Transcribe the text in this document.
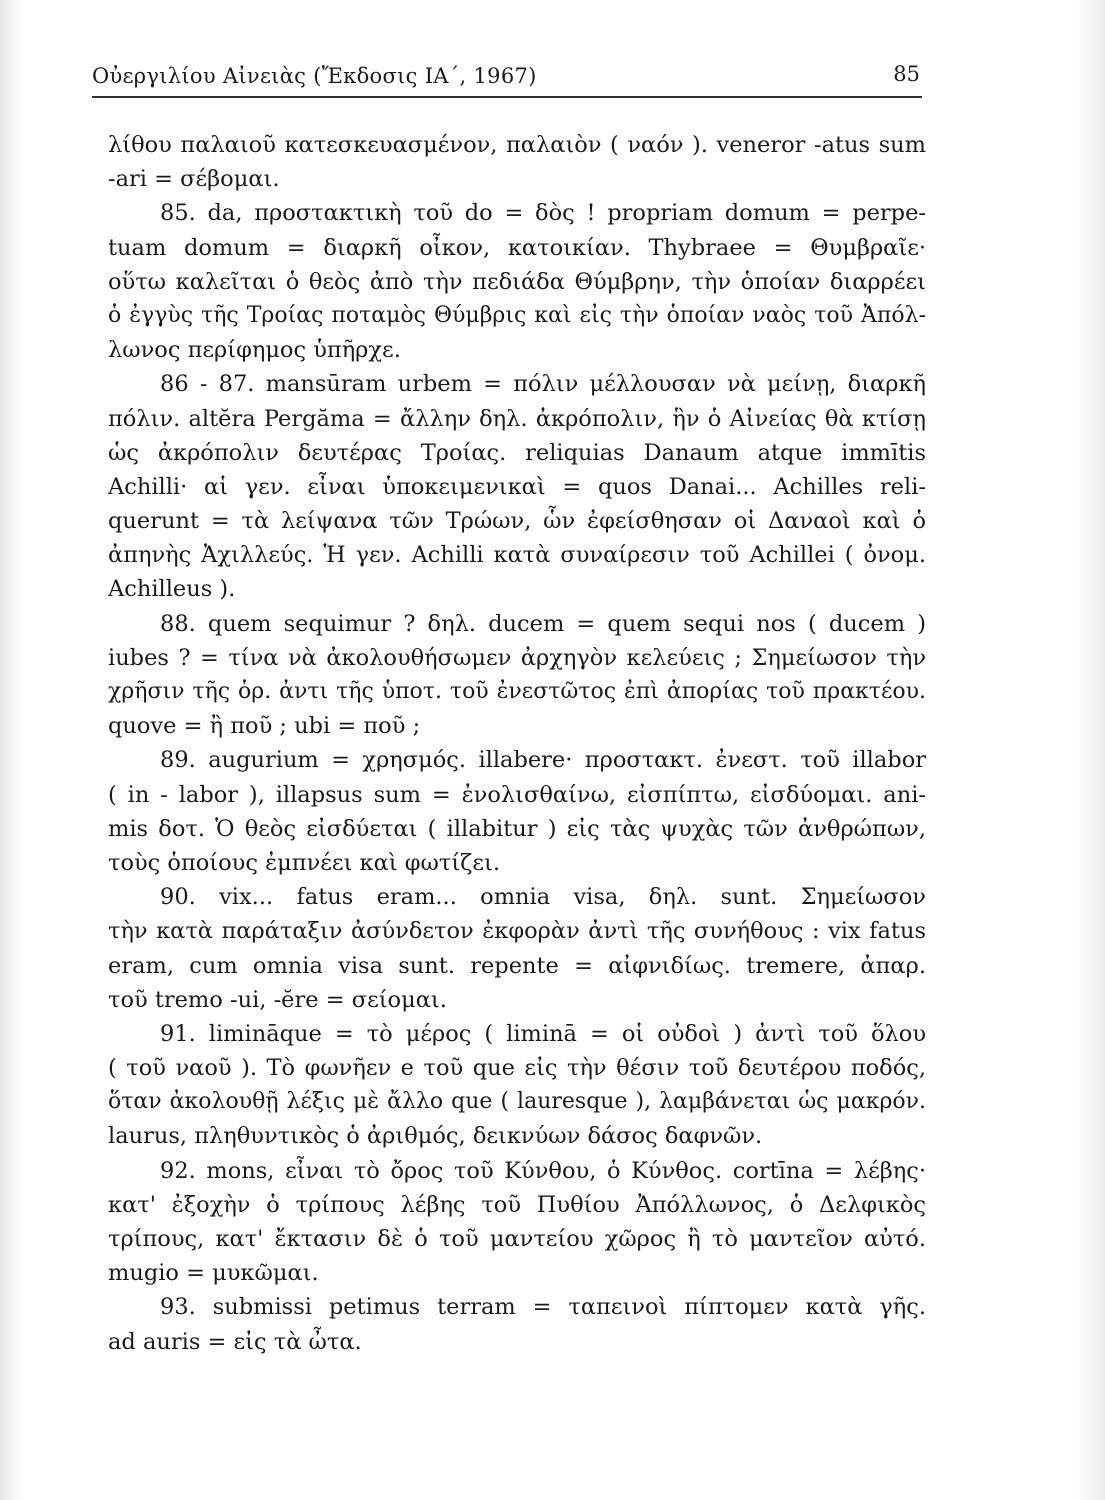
Οὐεργιλίου Αἰνειὰς (Ἔκδοσις ΙΑ΄, 1967)	85
λίθου παλαιοῦ κατεσκευασμένον, παλαιὸν ( ναόν ). veneror -atus sum
-ari = σέβομαι.
85. da, προστακτικὴ τοῦ do = δὸς ! propriam domum = perpe-
tuam domum = διαρκῆ οἶκον, κατοικίαν. Thybraee = Θυμβραῖε·
οὕτω καλεῖται ὁ θεὸς ἀπὸ τὴν πεδιάδα Θύμβρην, τὴν ὁποίαν διαρρέει
ὁ ἐγγὺς τῆς Τροίας ποταμὸς Θύμβρις καὶ εἰς τὴν ὁποίαν ναὸς τοῦ Ἀπόλ-
λωνος περίφημος ὑπῆρχε.
86 - 87. mansūram urbem = πόλιν μέλλουσαν νὰ μείνῃ, διαρκῆ
πόλιν. altĕra Pergăma = ἄλλην δηλ. ἀκρόπολιν, ἣν ὁ Αἰνείας θὰ κτίσῃ
ὡς ἀκρόπολιν δευτέρας Τροίας. reliquias Danaum atque immītis
Achilli· αἱ γεν. εἶναι ὑποκειμενικαὶ = quos Danai... Achilles reli-
querunt = τὰ λείψανα τῶν Τρώων, ὧν ἐφείσθησαν οἱ Δαναοὶ καὶ ὁ
ἀπηνὴς Ἀχιλλεύς. Ἡ γεν. Achilli κατὰ συναίρεσιν τοῦ Achillei ( ὀνομ.
Achilleus ).
88. quem sequimur ? δηλ. ducem = quem sequi nos ( ducem )
iubes ? = τίνα νὰ ἀκολουθήσωμεν ἀρχηγὸν κελεύεις ; Σημείωσον τὴν
χρῆσιν τῆς ὁρ. ἀντι τῆς ὑποτ. τοῦ ἐνεστῶτος ἐπὶ ἀπορίας τοῦ πρακτέου.
quove = ἢ ποῦ ; ubi = ποῦ ;
89. augurium = χρησμός. illabere· προστακτ. ἐνεστ. τοῦ illabor
( in - labor ), illapsus sum = ἐνολισθαίνω, εἰσπίπτω, εἰσδύομαι. ani-
mis δοτ. Ὁ θεὸς εἰσδύεται ( illabitur ) εἰς τὰς ψυχὰς τῶν ἀνθρώπων,
τοὺς ὁποίους ἐμπνέει καὶ φωτίζει.
90. vix... fatus eram... omnia visa, δηλ. sunt. Σημείωσον
τὴν κατὰ παράταξιν ἀσύνδετον ἐκφορὰν ἀντὶ τῆς συνήθους : vix fatus
eram, cum omnia visa sunt. repente = αἰφνιδίως. tremere, ἀπαρ.
τοῦ tremo -ui, -ĕre = σείομαι.
91. limināque = τὸ μέρος ( liminā = οἱ οὐδοὶ ) ἀντὶ τοῦ ὅλου
( τοῦ ναοῦ ). Τὸ φωνῆεν e τοῦ que εἰς τὴν θέσιν τοῦ δευτέρου ποδός,
ὅταν ἀκολουθῇ λέξις μὲ ἄλλο que ( lauresque ), λαμβάνεται ὡς μακρόν.
laurus, πληθυντικὸς ὁ ἀριθμός, δεικνύων δάσος δαφνῶν.
92. mons, εἶναι τὸ ὄρος τοῦ Κύνθου, ὁ Κύνθος. cortīna = λέβης·
κατ' ἐξοχὴν ὁ τρίπους λέβης τοῦ Πυθίου Ἀπόλλωνος, ὁ Δελφικὸς
τρίπους, κατ' ἔκτασιν δὲ ὁ τοῦ μαντείου χῶρος ἢ τὸ μαντεῖον αὐτό.
mugio = μυκῶμαι.
93. submissi petimus terram = ταπεινοὶ πίπτομεν κατὰ γῆς.
ad auris = εἰς τὰ ὦτα.
